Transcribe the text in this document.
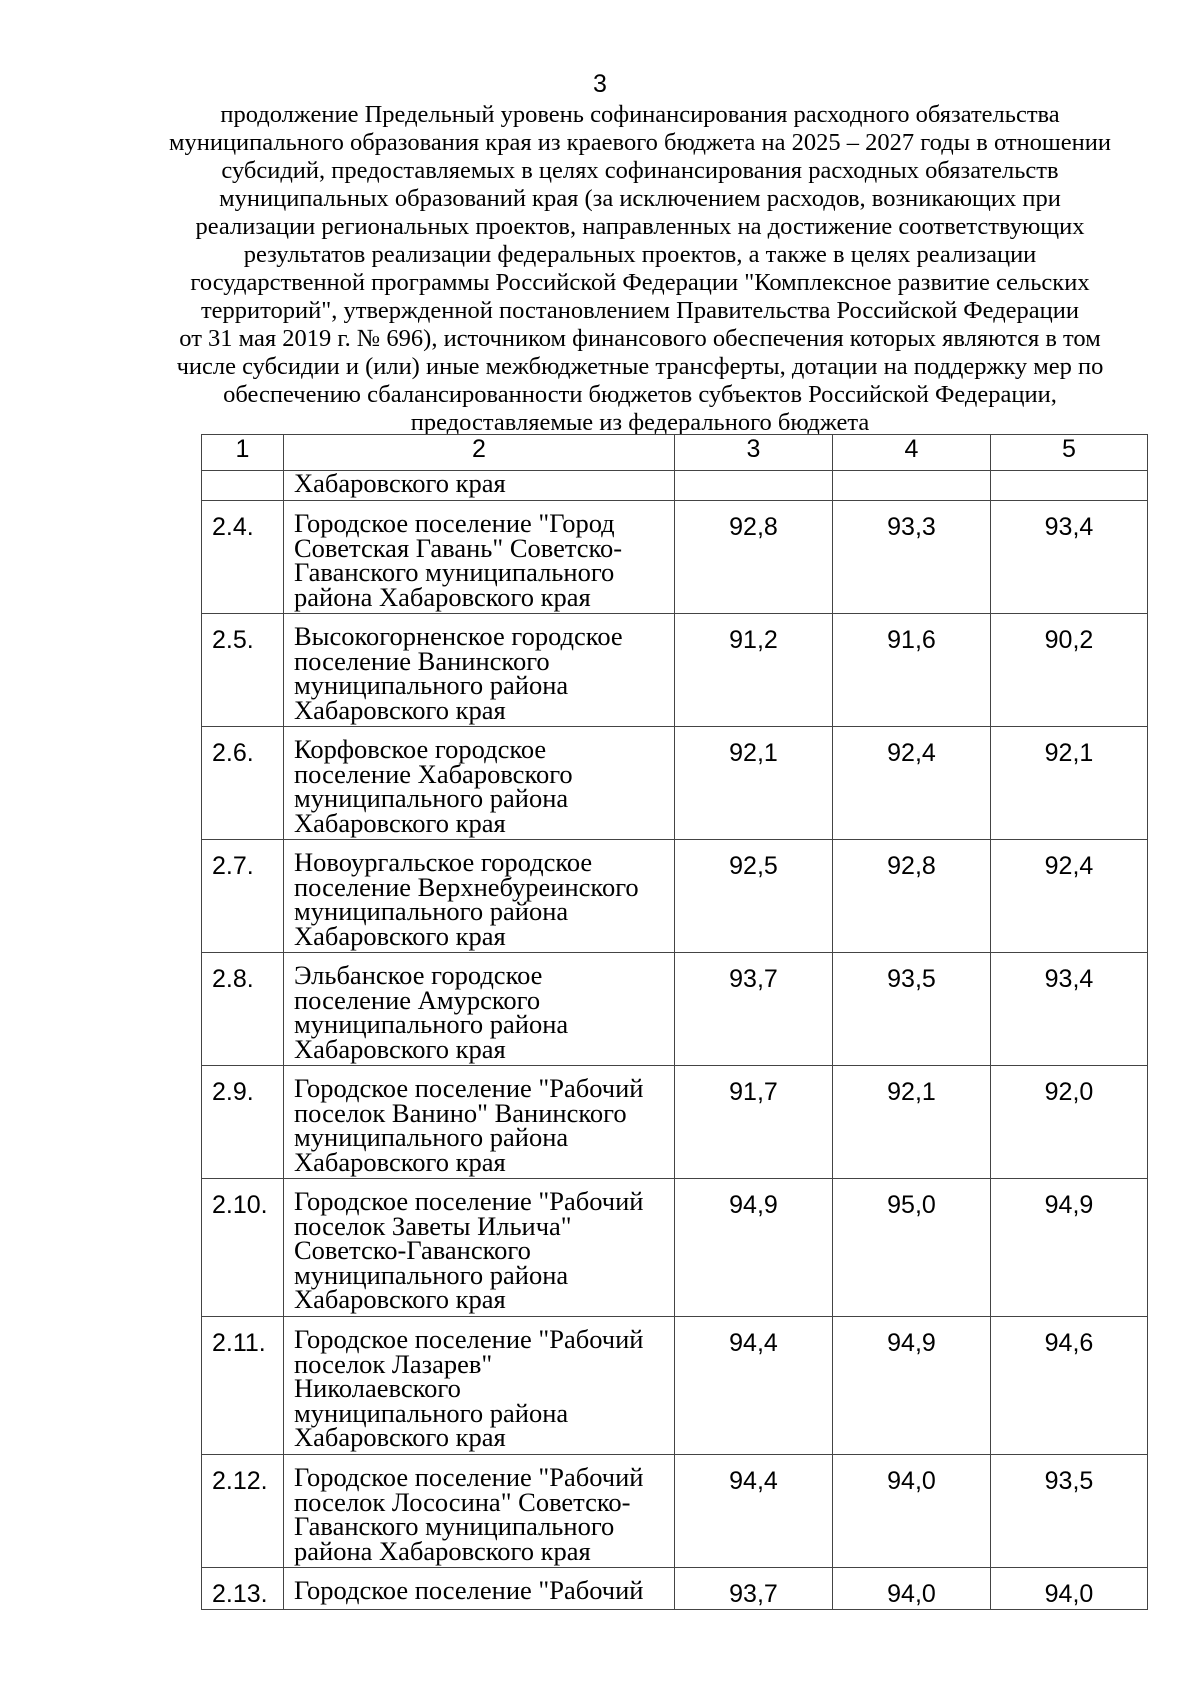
3
продолжение Предельный уровень софинансирования расходного обязательства
муниципального образования края из краевого бюджета на 2025 – 2027 годы в отношении
субсидий, предоставляемых в целях софинансирования расходных обязательств
муниципальных образований края (за исключением расходов, возникающих при
реализации региональных проектов, направленных на достижение соответствующих
результатов реализации федеральных проектов, а также в целях реализации
государственной программы Российской Федерации "Комплексное развитие сельских
территорий", утвержденной постановлением Правительства Российской Федерации
от 31 мая 2019 г. № 696), источником финансового обеспечения которых являются в том
числе субсидии и (или) иные межбюджетные трансферты, дотации на поддержку мер по
обеспечению сбалансированности бюджетов субъектов Российской Федерации,
предоставляемые из федерального бюджета
1	2	3	4	5

	Хабаровского края			

2.4.	Городское поселение "Город
Советская Гавань" Советско-
Гаванского муниципального
района Хабаровского края	92,8	93,3	93,4
2.5.	Высокогорненское городское
поселение Ванинского
муниципального района
Хабаровского края	91,2	91,6	90,2
2.6.	Корфовское городское
поселение Хабаровского
муниципального района
Хабаровского края	92,1	92,4	92,1
2.7.	Новоургальское городское
поселение Верхнебуреинского
муниципального района
Хабаровского края	92,5	92,8	92,4
2.8.	Эльбанское городское
поселение Амурского
муниципального района
Хабаровского края	93,7	93,5	93,4
2.9.	Городское поселение "Рабочий
поселок Ванино" Ванинского
муниципального района
Хабаровского края	91,7	92,1	92,0
2.10.	Городское поселение "Рабочий
поселок Заветы Ильича"
Советско-Гаванского
муниципального района
Хабаровского края	94,9	95,0	94,9
2.11.	Городское поселение "Рабочий
поселок Лазарев"
Николаевского
муниципального района
Хабаровского края	94,4	94,9	94,6
2.12.	Городское поселение "Рабочий
поселок Лососина" Советско-
Гаванского муниципального
района Хабаровского края	94,4	94,0	93,5
2.13.	Городское поселение "Рабочий	93,7	94,0	94,0
